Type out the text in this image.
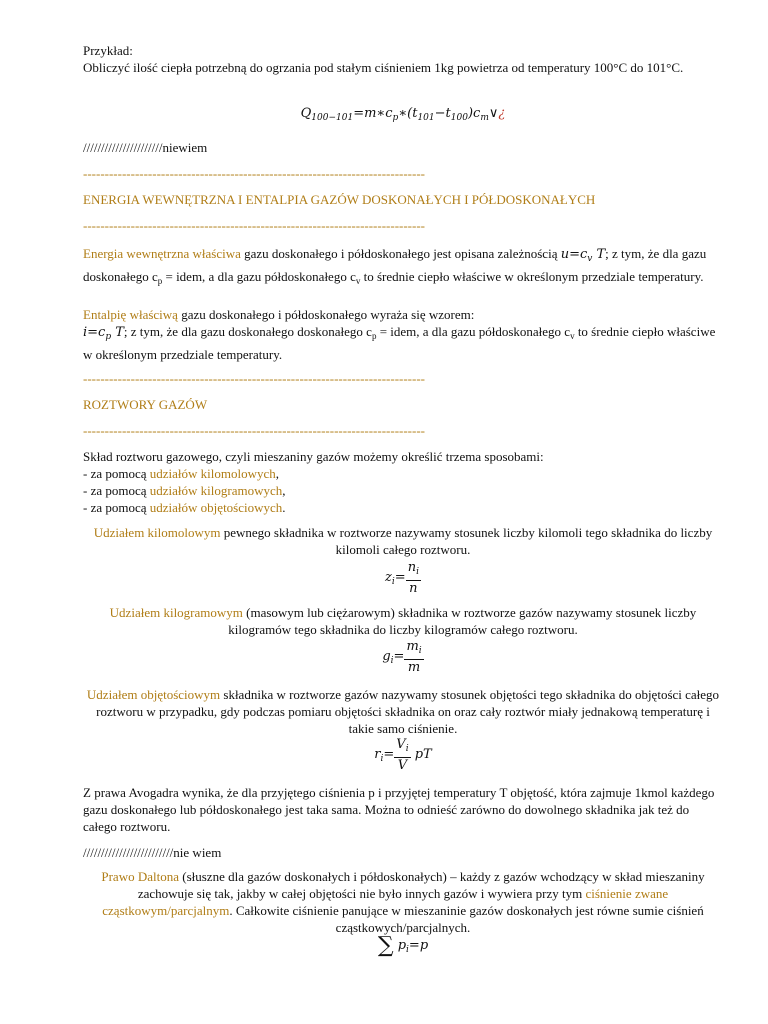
Przykład:
Obliczyć ilość ciepła potrzebną do ogrzania pod stałym ciśnieniem 1kg powietrza od temperatury 100°C do 101°C.

$Q_{100-101}=m∗c_p∗(t_{101}-t_{100})c_m\vee¿$

//////////////////////niewiem

-------------------------------------------------------------------------------

ENERGIA WEWNĘTRZNA I ENTALPIA GAZÓW DOSKONAŁYCH I PÓŁDOSKONAŁYCH

-------------------------------------------------------------------------------

Energia wewnętrzna właściwa gazu doskonałego i półdoskonałego jest opisana zależnością $u=c_v$ T; z tym, że dla gazu doskonałego $c_p$ = idem, a dla gazu półdoskonałego $c_v$ to średnie ciepło właściwe w określonym przedziale temperatury.

Entalpię właściwą gazu doskonałego i półdoskonałego wyraża się wzorem:
$i=c_p$ T; z tym, że dla gazu doskonałego doskonałego $c_p$ = idem, a dla gazu półdoskonałego $c_v$ to średnie ciepło właściwe w określonym przedziale temperatury.

-------------------------------------------------------------------------------

ROZTWORY GAZÓW

-------------------------------------------------------------------------------

Skład roztworu gazowego, czyli mieszaniny gazów możemy określić trzema sposobami:
- za pomocą udziałów kilomolowych,
- za pomocą udziałów kilogramowych,
- za pomocą udziałów objętościowych.

Udziałem kilomolowym pewnego składnika w roztworze nazywamy stosunek liczby kilomoli tego składnika do liczby kilomoli całego roztworu.

$z_i= \frac{n_i}{n}$

Udziałem kilogramowym (masowym lub ciężarowym) składnika w roztworze gazów nazywamy stosunek liczby kilogramów tego składnika do liczby kilogramów całego roztworu.

$g_i= \frac{m_i}{m}$

Udziałem objętościowym składnika w roztworze gazów nazywamy stosunek objętości tego składnika do objętości całego roztworu w przypadku, gdy podczas pomiaru objętości składnika on oraz cały roztwór miały jednakową temperaturę i takie samo ciśnienie.

$r_i= \frac{V_i}{V}$ pT

Z prawa Avogadra wynika, że dla przyjętego ciśnienia p i przyjętej temperatury T objętość, która zajmuje 1kmol każdego gazu doskonałego lub półdoskonałego jest taka sama. Można to odnieść zarówno do dowolnego składnika jak też do całego roztworu.

/////////////////////////nie wiem

Prawo Daltona (słuszne dla gazów doskonałych i półdoskonałych) – każdy z gazów wchodzący w skład mieszaniny zachowuje się tak, jakby w całej objętości nie było innych gazów i wywiera przy tym ciśnienie zwane cząstkowym/parcjalnym. Całkowite ciśnienie panujące w mieszaninie gazów doskonałych jest równe sumie ciśnień cząstkowych/parcjalnych.

∑ $p_i=p$
